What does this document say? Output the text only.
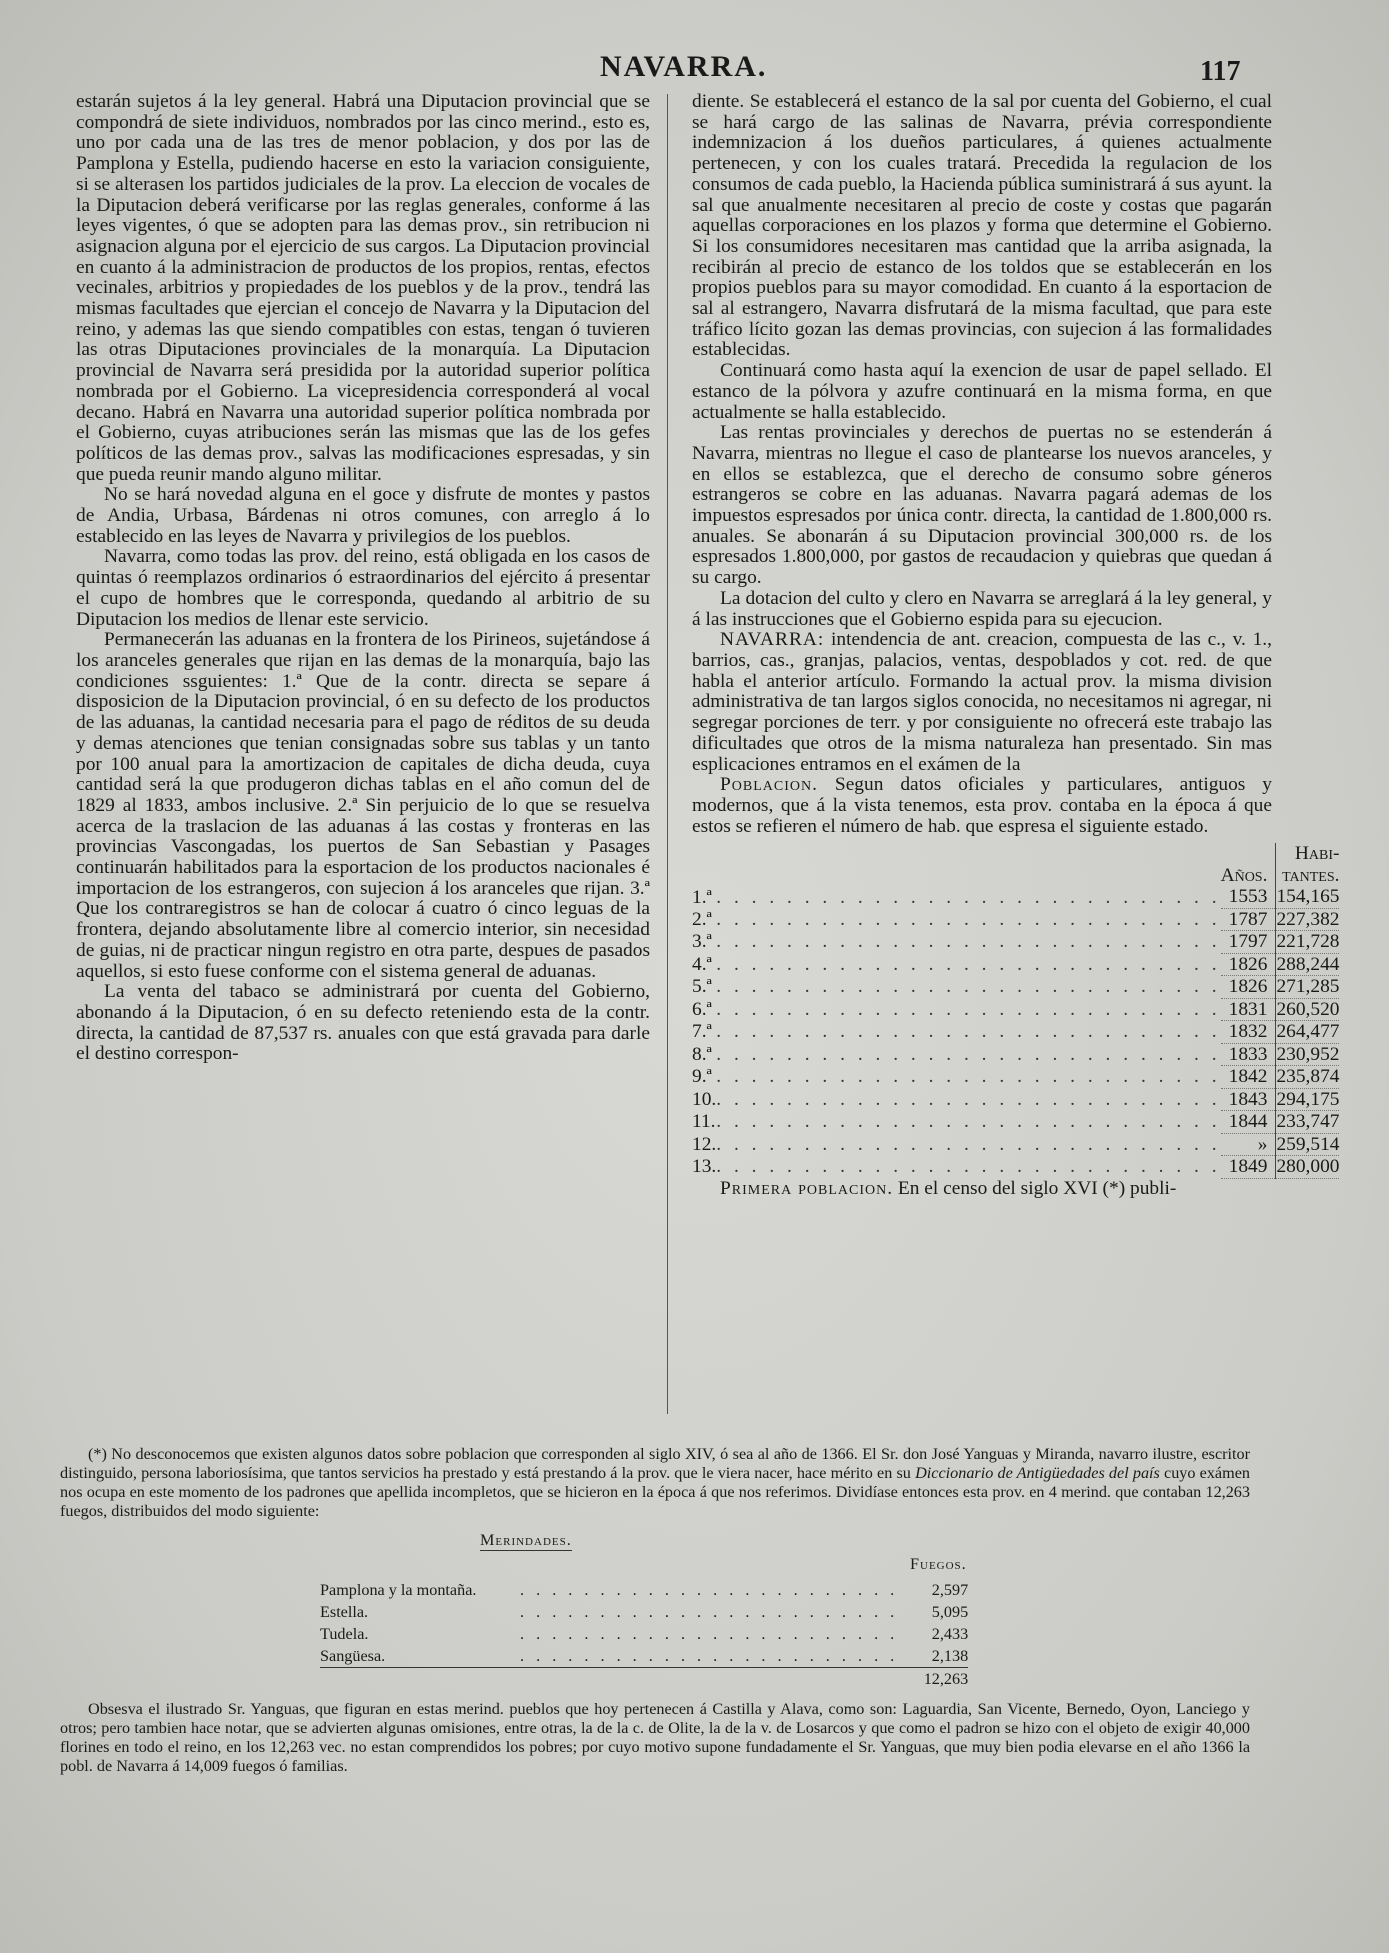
NAVARRA.	117

estarán sujetos á la ley general. Habrá una Diputacion provincial que se compondrá de siete individuos, nombrados por las cinco merind., esto es, uno por cada una de las tres de menor poblacion, y dos por las de Pamplona y Estella, pudiendo hacerse en esto la variacion consiguiente, si se alterasen los partidos judiciales de la prov. La eleccion de vocales de la Diputacion deberá verificarse por las reglas generales, conforme á las leyes vigentes, ó que se adopten para las demas prov., sin retribucion ni asignacion alguna por el ejercicio de sus cargos. La Diputacion provincial en cuanto á la administracion de productos de los propios, rentas, efectos vecinales, arbitrios y propiedades de los pueblos y de la prov., tendrá las mismas facultades que ejercian el concejo de Navarra y la Diputacion del reino, y ademas las que siendo compatibles con estas, tengan ó tuvieren las otras Diputaciones provinciales de la monarquía. La Diputacion provincial de Navarra será presidida por la autoridad superior política nombrada por el Gobierno. La vicepresidencia corresponderá al vocal decano. Habrá en Navarra una autoridad superior política nombrada por el Gobierno, cuyas atribuciones serán las mismas que las de los gefes políticos de las demas prov., salvas las modificaciones espresadas, y sin que pueda reunir mando alguno militar.

No se hará novedad alguna en el goce y disfrute de montes y pastos de Andia, Urbasa, Bárdenas ni otros comunes, con arreglo á lo establecido en las leyes de Navarra y privilegios de los pueblos.

Navarra, como todas las prov. del reino, está obligada en los casos de quintas ó reemplazos ordinarios ó estraordinarios del ejército á presentar el cupo de hombres que le corresponda, quedando al arbitrio de su Diputacion los medios de llenar este servicio.

Permanecerán las aduanas en la frontera de los Pirineos, sujetándose á los aranceles generales que rijan en las demas de la monarquía, bajo las condiciones ssguientes: 1.ª Que de la contr. directa se separe á disposicion de la Diputacion provincial, ó en su defecto de los productos de las aduanas, la cantidad necesaria para el pago de réditos de su deuda y demas atenciones que tenian consignadas sobre sus tablas y un tanto por 100 anual para la amortizacion de capitales de dicha deuda, cuya cantidad será la que produgeron dichas tablas en el año comun del de 1829 al 1833, ambos inclusive. 2.ª Sin perjuicio de lo que se resuelva acerca de la traslacion de las aduanas á las costas y fronteras en las provincias Vascongadas, los puertos de San Sebastian y Pasages continuarán habilitados para la esportacion de los productos nacionales é importacion de los estrangeros, con sujecion á los aranceles que rijan. 3.ª Que los contraregistros se han de colocar á cuatro ó cinco leguas de la frontera, dejando absolutamente libre al comercio interior, sin necesidad de guias, ni de practicar ningun registro en otra parte, despues de pasados aquellos, si esto fuese conforme con el sistema general de aduanas.

La venta del tabaco se administrará por cuenta del Gobierno, abonando á la Diputacion, ó en su defecto reteniendo esta de la contr. directa, la cantidad de 87,537 rs. anuales con que está gravada para darle el destino correspon-

diente. Se establecerá el estanco de la sal por cuenta del Gobierno, el cual se hará cargo de las salinas de Navarra, prévia correspondiente indemnizacion á los dueños particulares, á quienes actualmente pertenecen, y con los cuales tratará. Precedida la regulacion de los consumos de cada pueblo, la Hacienda pública suministrará á sus ayunt. la sal que anualmente necesitaren al precio de coste y costas que pagarán aquellas corporaciones en los plazos y forma que determine el Gobierno. Si los consumidores necesitaren mas cantidad que la arriba asignada, la recibirán al precio de estanco de los toldos que se establecerán en los propios pueblos para su mayor comodidad. En cuanto á la esportacion de sal al estrangero, Navarra disfrutará de la misma facultad, que para este tráfico lícito gozan las demas provincias, con sujecion á las formalidades establecidas.

Continuará como hasta aquí la exencion de usar de papel sellado. El estanco de la pólvora y azufre continuará en la misma forma, en que actualmente se halla establecido.

Las rentas provinciales y derechos de puertas no se estenderán á Navarra, mientras no llegue el caso de plantearse los nuevos aranceles, y en ellos se establezca, que el derecho de consumo sobre géneros estrangeros se cobre en las aduanas. Navarra pagará ademas de los impuestos espresados por única contr. directa, la cantidad de 1.800,000 rs. anuales. Se abonarán á su Diputacion provincial 300,000 rs. de los espresados 1.800,000, por gastos de recaudacion y quiebras que quedan á su cargo.

La dotacion del culto y clero en Navarra se arreglará á la ley general, y á las instrucciones que el Gobierno espida para su ejecucion.

NAVARRA: intendencia de ant. creacion, compuesta de las c., v. 1., barrios, cas., granjas, palacios, ventas, despoblados y cot. red. de que habla el anterior artículo. Formando la actual prov. la misma division administrativa de tan largos siglos conocida, no necesitamos ni agregar, ni segregar porciones de terr. y por consiguiente no ofrecerá este trabajo las dificultades que otros de la misma naturaleza han presentado. Sin mas esplicaciones entramos en el exámen de la

Poblacion. Segun datos oficiales y particulares, antiguos y modernos, que á la vista tenemos, esta prov. contaba en la época á que estos se refieren el número de hab. que espresa el siguiente estado.

		Años.	Habi-
tantes.
1.ª	. . . . . . . . . . . . . . . . . . . . . . . . . . . . .	1553	154,165
2.ª	. . . . . . . . . . . . . . . . . . . . . . . . . . . . .	1787	227,382
3.ª	. . . . . . . . . . . . . . . . . . . . . . . . . . . . .	1797	221,728
4.ª	. . . . . . . . . . . . . . . . . . . . . . . . . . . . .	1826	288,244
5.ª	. . . . . . . . . . . . . . . . . . . . . . . . . . . . .	1826	271,285
6.ª	. . . . . . . . . . . . . . . . . . . . . . . . . . . . .	1831	260,520
7.ª	. . . . . . . . . . . . . . . . . . . . . . . . . . . . .	1832	264,477
8.ª	. . . . . . . . . . . . . . . . . . . . . . . . . . . . .	1833	230,952
9.ª	. . . . . . . . . . . . . . . . . . . . . . . . . . . . .	1842	235,874
10.	. . . . . . . . . . . . . . . . . . . . . . . . . . . . .	1843	294,175
11.	. . . . . . . . . . . . . . . . . . . . . . . . . . . . .	1844	233,747
12.	. . . . . . . . . . . . . . . . . . . . . . . . . . . . .	»	259,514
13.	. . . . . . . . . . . . . . . . . . . . . . . . . . . . .	1849	280,000

Primera poblacion. En el censo del siglo XVI (*) publi-

(*) No desconocemos que existen algunos datos sobre poblacion que corresponden al siglo XIV, ó sea al año de 1366. El Sr. don José Yanguas y Miranda, navarro ilustre, escritor distinguido, persona laboriosísima, que tantos servicios ha prestado y está prestando á la prov. que le viera nacer, hace mérito en su Diccionario de Antigüedades del país cuyo exámen nos ocupa en este momento de los padrones que apellida incompletos, que se hicieron en la época á que nos referimos. Dividíase entonces esta prov. en 4 merind. que contaban 12,263 fuegos, distribuidos del modo siguiente:

Merindades.
Fuegos.
Pamplona y la montaña.	. . . . . . . . . . . . . . . . . . . . . . . .	2,597
Estella.	. . . . . . . . . . . . . . . . . . . . . . . .	5,095
Tudela.	. . . . . . . . . . . . . . . . . . . . . . . .	2,433
Sangüesa.	. . . . . . . . . . . . . . . . . . . . . . . .	2,138
		12,263

Obsesva el ilustrado Sr. Yanguas, que figuran en estas merind. pueblos que hoy pertenecen á Castilla y Alava, como son: Laguardia, San Vicente, Bernedo, Oyon, Lanciego y otros; pero tambien hace notar, que se advierten algunas omisiones, entre otras, la de la c. de Olite, la de la v. de Losarcos y que como el padron se hizo con el objeto de exigir 40,000 florines en todo el reino, en los 12,263 vec. no estan comprendidos los pobres; por cuyo motivo supone fundadamente el Sr. Yanguas, que muy bien podia elevarse en el año 1366 la pobl. de Navarra á 14,009 fuegos ó familias.
